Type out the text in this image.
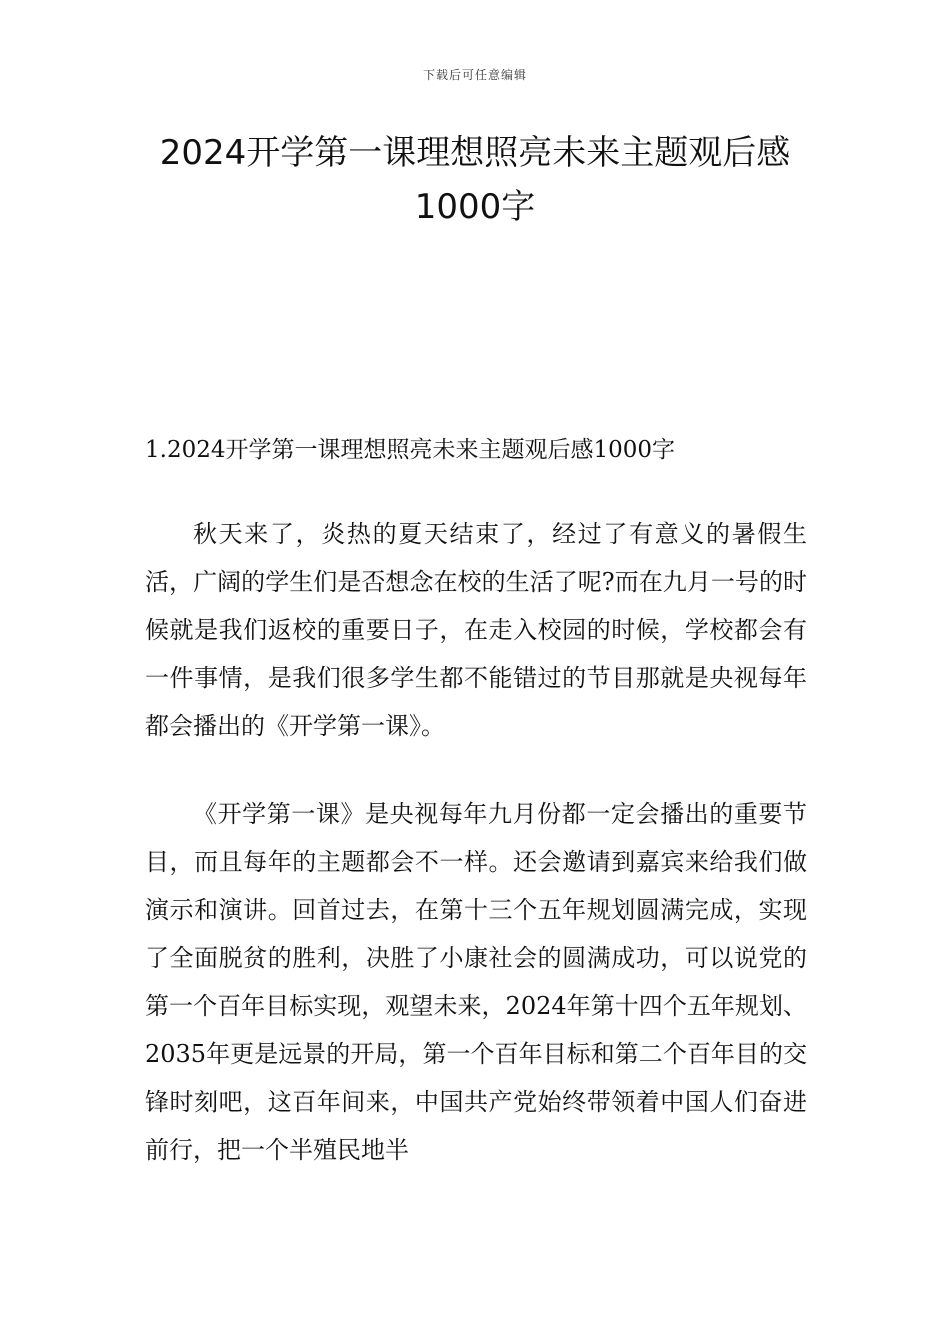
下载后可任意编辑
2024开学第一课理想照亮未来主题观后感
1000字
1.2024开学第一课理想照亮未来主题观后感1000字

秋天来了，炎热的夏天结束了，经过了有意义的暑假生活，广阔的学生们是否想念在校的生活了呢?而在九月一号的时候就是我们返校的重要日子，在走入校园的时候，学校都会有一件事情，是我们很多学生都不能错过的节目那就是央视每年都会播出的《开学第一课》。

《开学第一课》是央视每年九月份都一定会播出的重要节目，而且每年的主题都会不一样。还会邀请到嘉宾来给我们做演示和演讲。回首过去，在第十三个五年规划圆满完成，实现了全面脱贫的胜利，决胜了小康社会的圆满成功，可以说党的第一个百年目标实现，观望未来，2024年第十四个五年规划、2035年更是远景的开局，第一个百年目标和第二个百年目的交锋时刻吧，这百年间来，中国共产党始终带领着中国人们奋进前行，把一个半殖民地半
